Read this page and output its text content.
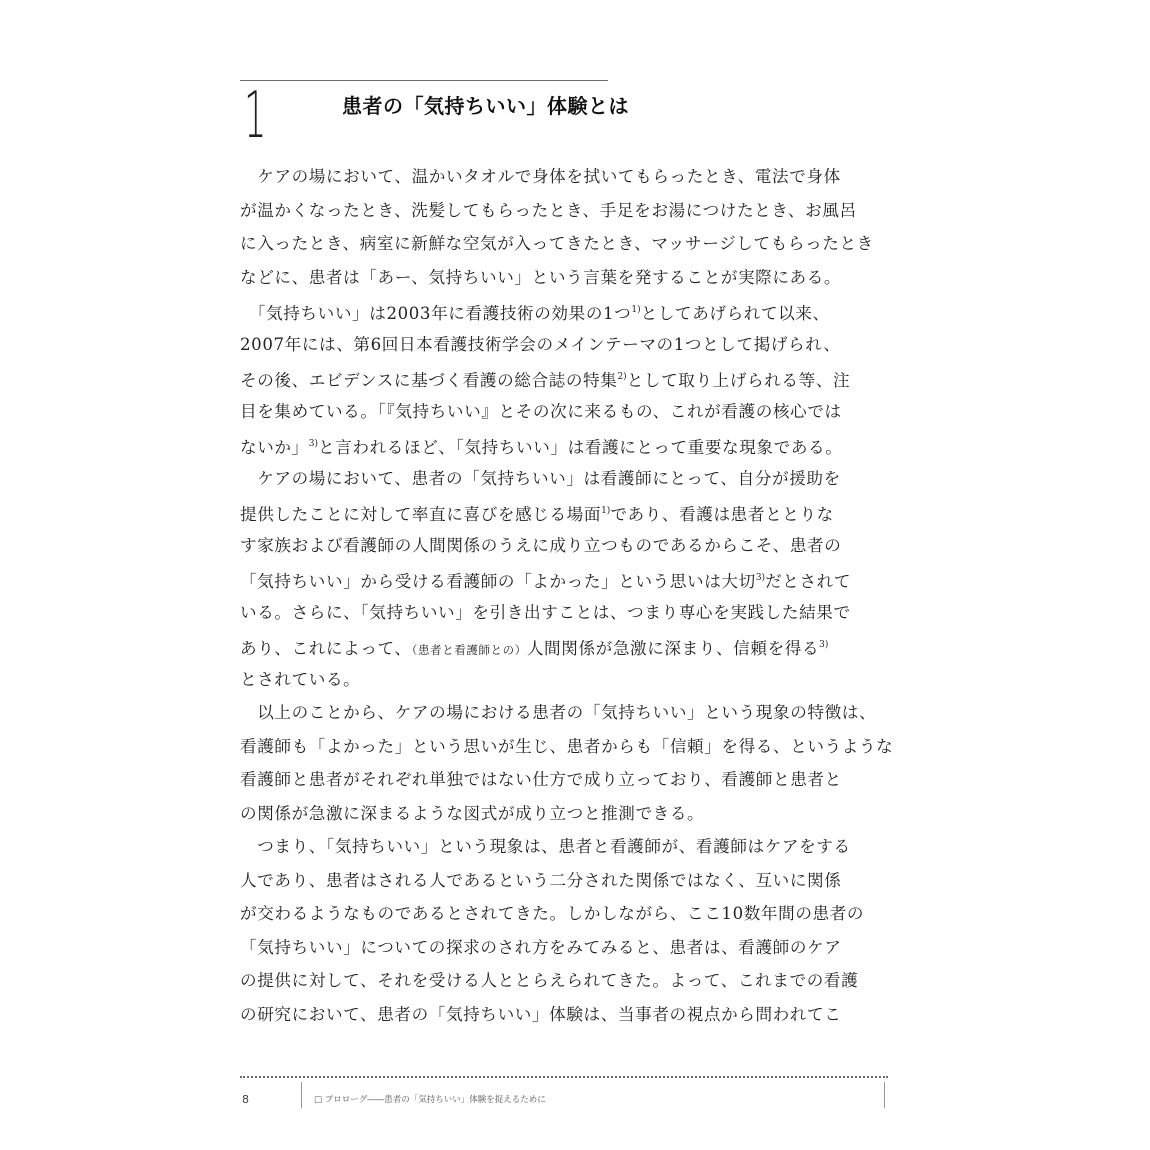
1	患者の「気持ちいい」体験とは
　ケアの場において、温かいタオルで身体を拭いてもらったとき、電法で身体
が温かくなったとき、洗髪してもらったとき、手足をお湯につけたとき、お風呂
に入ったとき、病室に新鮮な空気が入ってきたとき、マッサージしてもらったとき
などに、患者は「あー、気持ちいい」という言葉を発することが実際にある。
　「気持ちいい」は2003年に看護技術の効果の1つ$^{1)}$としてあげられて以来、
2007年には、第6回日本看護技術学会のメインテーマの1つとして掲げられ、
その後、エビデンスに基づく看護の総合誌の特集$^{2)}$として取り上げられる等、注
目を集めている。「『気持ちいい』とその次に来るもの、これが看護の核心では
ないか」$^{3)}$と言われるほど、「気持ちいい」は看護にとって重要な現象である。
　ケアの場において、患者の「気持ちいい」は看護師にとって、自分が援助を
提供したことに対して率直に喜びを感じる場面$^{1)}$であり、看護は患者ととりな
す家族および看護師の人間関係のうえに成り立つものであるからこそ、患者の
「気持ちいい」から受ける看護師の「よかった」という思いは大切$^{3)}$だとされて
いる。さらに、「気持ちいい」を引き出すことは、つまり専心を実践した結果で
あり、これによって、（患者と看護師との）人間関係が急激に深まり、信頼を得る$^{3)}$
とされている。
　以上のことから、ケアの場における患者の「気持ちいい」という現象の特徴は、
看護師も「よかった」という思いが生じ、患者からも「信頼」を得る、というような
看護師と患者がそれぞれ単独ではない仕方で成り立っており、看護師と患者と
の関係が急激に深まるような図式が成り立つと推測できる。
　つまり、「気持ちいい」という現象は、患者と看護師が、看護師はケアをする
人であり、患者はされる人であるという二分された関係ではなく、互いに関係
が交わるようなものであるとされてきた。しかしながら、ここ10数年間の患者の
「気持ちいい」についての探求のされ方をみてみると、患者は、看護師のケア
の提供に対して、それを受ける人ととらえられてきた。よって、これまでの看護
の研究において、患者の「気持ちいい」体験は、当事者の視点から問われてこ
8	□ プロローグ――患者の「気持ちいい」体験を捉えるために
